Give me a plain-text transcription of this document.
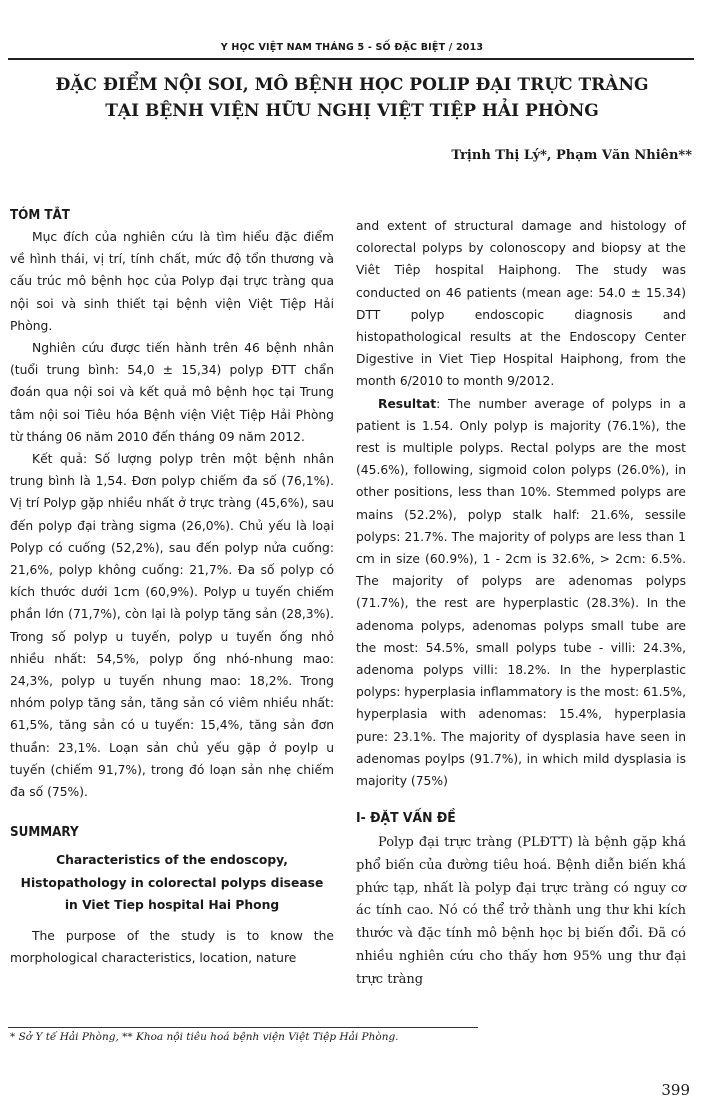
Y HỌC VIỆT NAM THÁNG 5 - SỐ ĐẶC BIỆT / 2013
ĐẶC ĐIỂM NỘI SOI, MÔ BỆNH HỌC POLIP ĐẠI TRỰC TRÀNG
TẠI BỆNH VIỆN HỮU NGHỊ VIỆT TIỆP HẢI PHÒNG
Trịnh Thị Lý*, Phạm Văn Nhiên**
TÓM TẮT

Mục đích của nghiên cứu là tìm hiểu đặc điểm về hình thái, vị trí, tính chất, mức độ tổn thương và cấu trúc mô bệnh học của Polyp đại trực tràng qua nội soi và sinh thiết tại bệnh viện Việt Tiệp Hải Phòng.

Nghiên cứu được tiến hành trên 46 bệnh nhân (tuổi trung bình: 54,0 ± 15,34) polyp ĐTT chẩn đoán qua nội soi và kết quả mô bệnh học tại Trung tâm nội soi Tiêu hóa Bệnh viện Việt Tiệp Hải Phòng từ tháng 06 năm 2010 đến tháng 09 năm 2012.

Kết quả: Số lượng polyp trên một bệnh nhân trung bình là 1,54. Đơn polyp chiếm đa số (76,1%). Vị trí Polyp gặp nhiều nhất ở trực tràng (45,6%), sau đến polyp đại tràng sigma (26,0%). Chủ yếu là loại Polyp có cuống (52,2%), sau đến polyp nửa cuống: 21,6%, polyp không cuống: 21,7%. Đa số polyp có kích thước dưới 1cm (60,9%). Polyp u tuyến chiếm phần lớn (71,7%), còn lại là polyp tăng sản (28,3%). Trong số polyp u tuyến, polyp u tuyến ống nhỏ nhiều nhất: 54,5%, polyp ống nhó-nhung mao: 24,3%, polyp u tuyến nhung mao: 18,2%. Trong nhóm polyp tăng sản, tăng sản có viêm nhiều nhất: 61,5%, tăng sản có u tuyến: 15,4%, tăng sản đơn thuần: 23,1%. Loạn sản chủ yếu gặp ở poylp u tuyến (chiếm 91,7%), trong đó loạn sản nhẹ chiếm đa số (75%).

SUMMARY
Characteristics of the endoscopy,
Histopathology in colorectal polyps disease
in Viet Tiep hospital Hai Phong

The purpose of the study is to know the morphological characteristics, location, nature

and extent of structural damage and histology of colorectal polyps by colonoscopy and biopsy at the Viêt Tiêp hospital Haiphong. The study was conducted on 46 patients (mean age: 54.0 ± 15.34) DTT polyp endoscopic diagnosis and histopathological results at the Endoscopy Center Digestive in Viet Tiep Hospital Haiphong, from the month 6/2010 to month 9/2012.

Resultat: The number average of polyps in a patient is 1.54. Only polyp is majority (76.1%), the rest is multiple polyps. Rectal polyps are the most (45.6%), following, sigmoid colon polyps (26.0%), in other positions, less than 10%. Stemmed polyps are mains (52.2%), polyp stalk half: 21.6%, sessile polyps: 21.7%. The majority of polyps are less than 1 cm in size (60.9%), 1 - 2cm is 32.6%, > 2cm: 6.5%. The majority of polyps are adenomas polyps (71.7%), the rest are hyperplastic (28.3%). In the adenoma polyps, adenomas polyps small tube are the most: 54.5%, small polyps tube - villi: 24.3%, adenoma polyps villi: 18.2%. In the hyperplastic polyps: hyperplasia inflammatory is the most: 61.5%, hyperplasia with adenomas: 15.4%, hyperplasia pure: 23.1%. The majority of dysplasia have seen in adenomas poylps (91.7%), in which mild dysplasia is majority (75%)

I- ĐẶT VẤN ĐỀ

Polyp đại trực tràng (PLĐTT) là bệnh gặp khá phổ biến của đường tiêu hoá. Bệnh diễn biến khá phức tạp, nhất là polyp đại trực tràng có nguy cơ ác tính cao. Nó có thể trở thành ung thư khi kích thước và đặc tính mô bệnh học bị biến đổi. Đã có nhiều nghiên cứu cho thấy hơn 95% ung thư đại trực tràng

* Sở Y tế Hải Phòng, ** Khoa nội tiêu hoá bệnh viện Việt Tiệp Hải Phòng.
399
